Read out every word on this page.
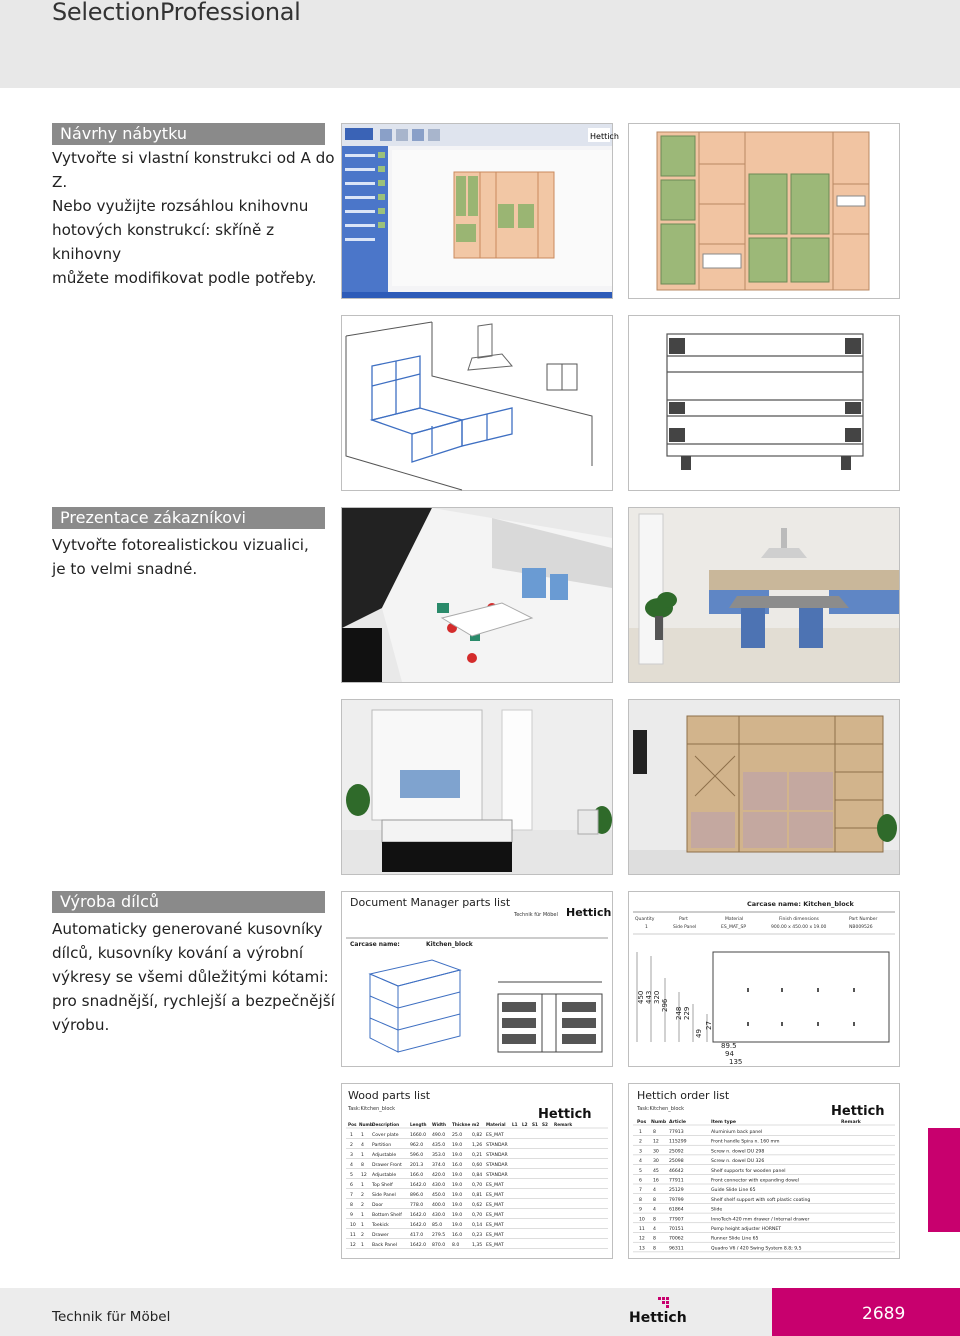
SelectionProfessional
Návrhy nábytku
Vytvořte si vlastní konstrukci od A do Z.
Nebo využijte rozsáhlou knihovnu
hotových konstrukcí: skříně z knihovny
můžete modifikovat podle potřeby.
Prezentace zákazníkovi
Vytvořte fotorealistickou vizualici,
je to velmi snadné.
Výroba dílců
Automaticky generované kusovníky
dílců, kusovníky kování a výrobní
výkresy se všemi důležitými kótami:
pro snadnější, rychlejší a bezpečnější
výrobu.
Hettich
Document Manager parts list
Technik für Möbel Hettich
Carcase name:	Kitchen_block
Carcase name: Kitchen_block
Quantity	Part	Material	Finish dimensions	Part Number
1	Side Panel	ES_MAT_SP	900.00 x 450.00 x 19.00	NB009526
450 443 320
296
248 229
49
27
89.5
94
135
Wood parts list
Task:Kitchen_block	Hettich
Pos Numb Description	Length Width Thickne m2 Material L1 L2 S1 S2 Remark
1 1 Cover plate 1660.0 490.0 25.0 0,82 ES_MAT
2 4 Partition	962.0 435.0 19.0 1,26 STANDAR
3 1 Adjustable	596.0 353.0 19.0 0,21 STANDAR
4 8 Drawer Front 201.3 374.0 16.0 0,60 STANDAR
5 12 Adjustable	166.0 420.0 19.0 0,84 STANDAR
6 1 Top Shelf	1642.0 430.0 19.0 0,70 ES_MAT
7 2 Side Panel	896.0 450.0 19.0 0,81 ES_MAT
8 2 Door	778.0 400.0 19.0 0,62 ES_MAT
9 1 Bottom Shelf 1642.0 430.0 19.0 0,70 ES_MAT
10 1 Toekick	1642.0 85.0 19.0 0,14 ES_MAT
11 2 Drawer	417.0 279.5 16.0 0,23 ES_MAT
12 1 Back Panel	1642.0 870.0 8.0	1,35 ES_MAT
Hettich order list
Task:Kitchen_block	Hettich
Pos Numb Article	Item type	Remark
1 8	77913	Aluminium back panel
2 12 115299	Front handle Spira n. 160 mm
3 30 25092	Screw n. dowel DU 298
4 30 25098	Screw n. dowel DU 326
5 45 46642	Shelf supports for wooden panel
6 16 77911	Front connector with expanding dowel
7 4	25129	Guide Slide Line 65
8 8	79799	Shelf shelf support with soft plastic coating
9 4	61864	Slide
10 8	77907	InnoTech-420 mm drawer / Internal drawer
11 4	70151	Pomp height adjuster HORNET
12 8	70062	Runner Slide Line 65
13 8	96311	Quadro V6 / 420 Swing System 8.8; 9,5
Technik für Möbel	Hettich	2689
